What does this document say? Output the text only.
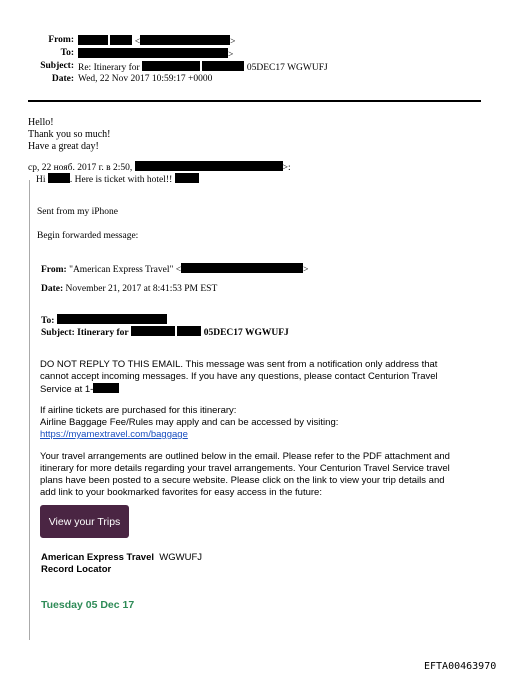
From:	<	>
To:	>
Subject: Re: Itinerary for	05DEC17 WGWUFJ
Date: Wed, 22 Nov 2017 10:59:17 +0000
Hello!
Thank you so much!
Have a great day!
ср, 22 нояб. 2017 г. в 2:50,	>:
Hi	. Here is ticket with hotel!!
Sent from my iPhone
Begin forwarded message:
From: "American Express Travel" <	>
Date: November 21, 2017 at 8:41:53 PM EST
To:
Subject: Itinerary for	05DEC17 WGWUFJ
DO NOT REPLY TO THIS EMAIL. This message was sent from a notification only address that
cannot accept incoming messages. If you have any questions, please contact Centurion Travel
Service at 1-
If airline tickets are purchased for this itinerary:
Airline Baggage Fee/Rules may apply and can be accessed by visiting:
https://myamextravel.com/baggage
Your travel arrangements are outlined below in the email. Please refer to the PDF attachment and
itinerary for more details regarding your travel arrangements. Your Centurion Travel Service travel
plans have been posted to a secure website. Please click on the link to view your trip details and
add link to your bookmarked favorites for easy access in the future:
View your Trips
American Express Travel WGWUFJ
Record Locator
Tuesday 05 Dec 17
EFTA00463970
